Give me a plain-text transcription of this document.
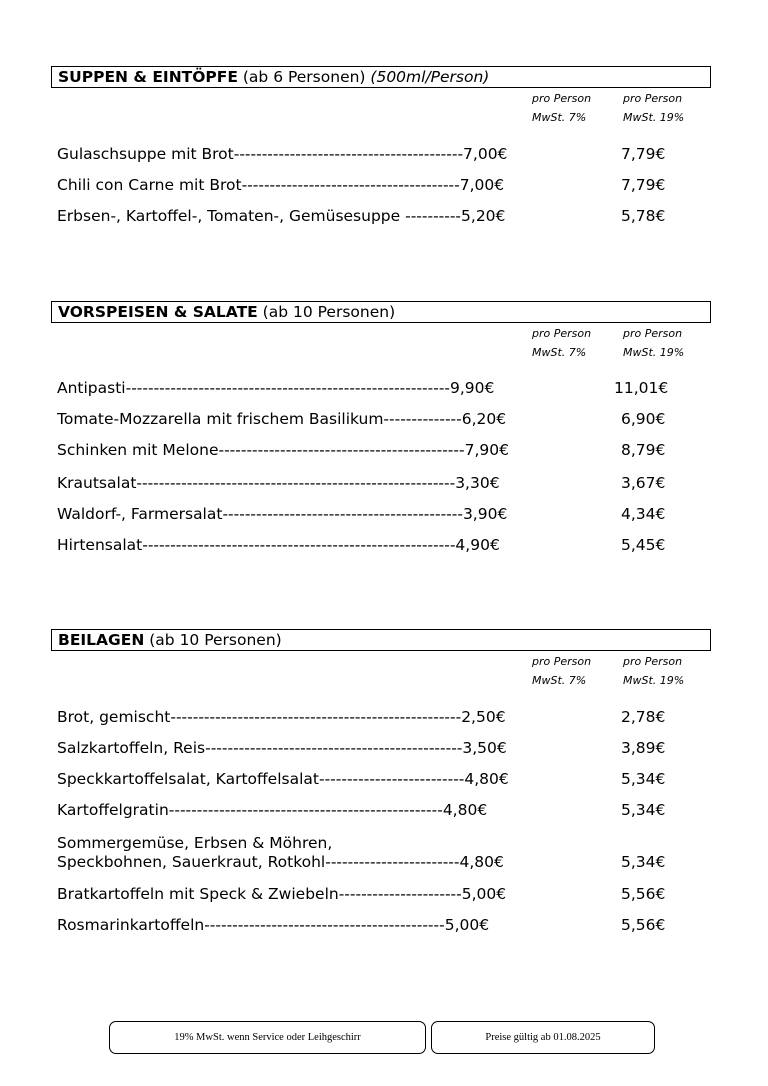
SUPPEN & EINTÖPFE (ab 6 Personen) (500ml/Person)
pro Person
MwSt. 7%
pro Person
MwSt. 19%
Gulaschsuppe mit Brot-----------------------------------------7,00€	7,79€
Chili con Carne mit Brot---------------------------------------7,00€	7,79€
Erbsen-, Kartoffel-, Tomaten-, Gemüsesuppe ----------5,20€	5,78€
VORSPEISEN & SALATE (ab 10 Personen)
pro Person
MwSt. 7%
pro Person
MwSt. 19%
Antipasti----------------------------------------------------------9,90€	11,01€
Tomate-Mozzarella mit frischem Basilikum--------------6,20€	6,90€
Schinken mit Melone--------------------------------------------7,90€	8,79€
Krautsalat---------------------------------------------------------3,30€	3,67€
Waldorf-, Farmersalat-------------------------------------------3,90€	4,34€
Hirtensalat--------------------------------------------------------4,90€	5,45€
BEILAGEN (ab 10 Personen)
pro Person
MwSt. 7%
pro Person
MwSt. 19%
Brot, gemischt----------------------------------------------------2,50€	2,78€
Salzkartoffeln, Reis----------------------------------------------3,50€	3,89€
Speckkartoffelsalat, Kartoffelsalat--------------------------4,80€	5,34€
Kartoffelgratin-------------------------------------------------4,80€	5,34€
Sommergemüse, Erbsen & Möhren,
Speckbohnen, Sauerkraut, Rotkohl------------------------4,80€	5,34€
Bratkartoffeln mit Speck & Zwiebeln----------------------5,00€	5,56€
Rosmarinkartoffeln-------------------------------------------5,00€	5,56€
19% MwSt. wenn Service oder Leihgeschirr	Preise gültig ab 01.08.2025
